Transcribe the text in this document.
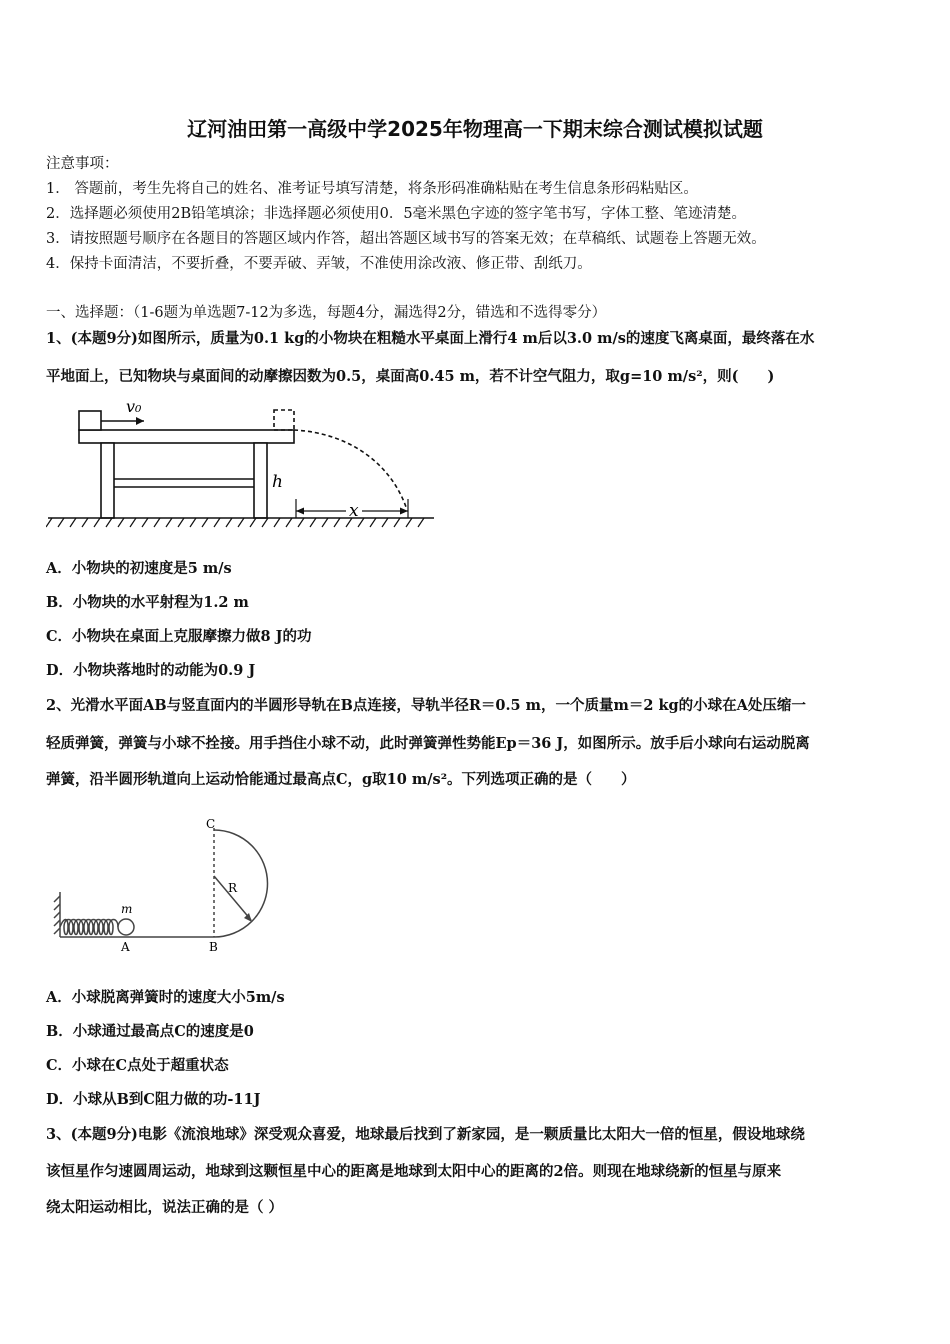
辽河油田第一高级中学2025年物理高一下期末综合测试模拟试题
注意事项：
1． 答题前，考生先将自己的姓名、准考证号填写清楚，将条形码准确粘贴在考生信息条形码粘贴区。
2．选择题必须使用2B铅笔填涂；非选择题必须使用0．5毫米黑色字迹的签字笔书写，字体工整、笔迹清楚。
3．请按照题号顺序在各题目的答题区域内作答，超出答题区域书写的答案无效；在草稿纸、试题卷上答题无效。
4．保持卡面清洁，不要折叠，不要弄破、弄皱，不准使用涂改液、修正带、刮纸刀。
一、选择题：（1-6题为单选题7-12为多选，每题4分，漏选得2分，错选和不选得零分）
1、(本题9分)如图所示，质量为0.1 kg的小物块在粗糙水平桌面上滑行4 m后以3.0 m/s的速度飞离桌面，最终落在水
平地面上，已知物块与桌面间的动摩擦因数为0.5，桌面高0.45 m，若不计空气阻力，取g=10 m/s²，则(　　)
v₀
h
x
A．小物块的初速度是5 m/s
B．小物块的水平射程为1.2 m
C．小物块在桌面上克服摩擦力做8 J的功
D．小物块落地时的动能为0.9 J
2、光滑水平面AB与竖直面内的半圆形导轨在B点连接，导轨半径R＝0.5 m，一个质量m＝2 kg的小球在A处压缩一
轻质弹簧，弹簧与小球不拴接。用手挡住小球不动，此时弹簧弹性势能Ep＝36 J，如图所示。放手后小球向右运动脱离
弹簧，沿半圆形轨道向上运动恰能通过最高点C，g取10 m/s²。下列选项正确的是（　　）
C
R
m
A	B
A．小球脱离弹簧时的速度大小5m/s
B．小球通过最高点C的速度是0
C．小球在C点处于超重状态
D．小球从B到C阻力做的功-11J
3、(本题9分)电影《流浪地球》深受观众喜爱，地球最后找到了新家园，是一颗质量比太阳大一倍的恒星，假设地球绕
该恒星作匀速圆周运动，地球到这颗恒星中心的距离是地球到太阳中心的距离的2倍。则现在地球绕新的恒星与原来
绕太阳运动相比，说法正确的是（ ）
